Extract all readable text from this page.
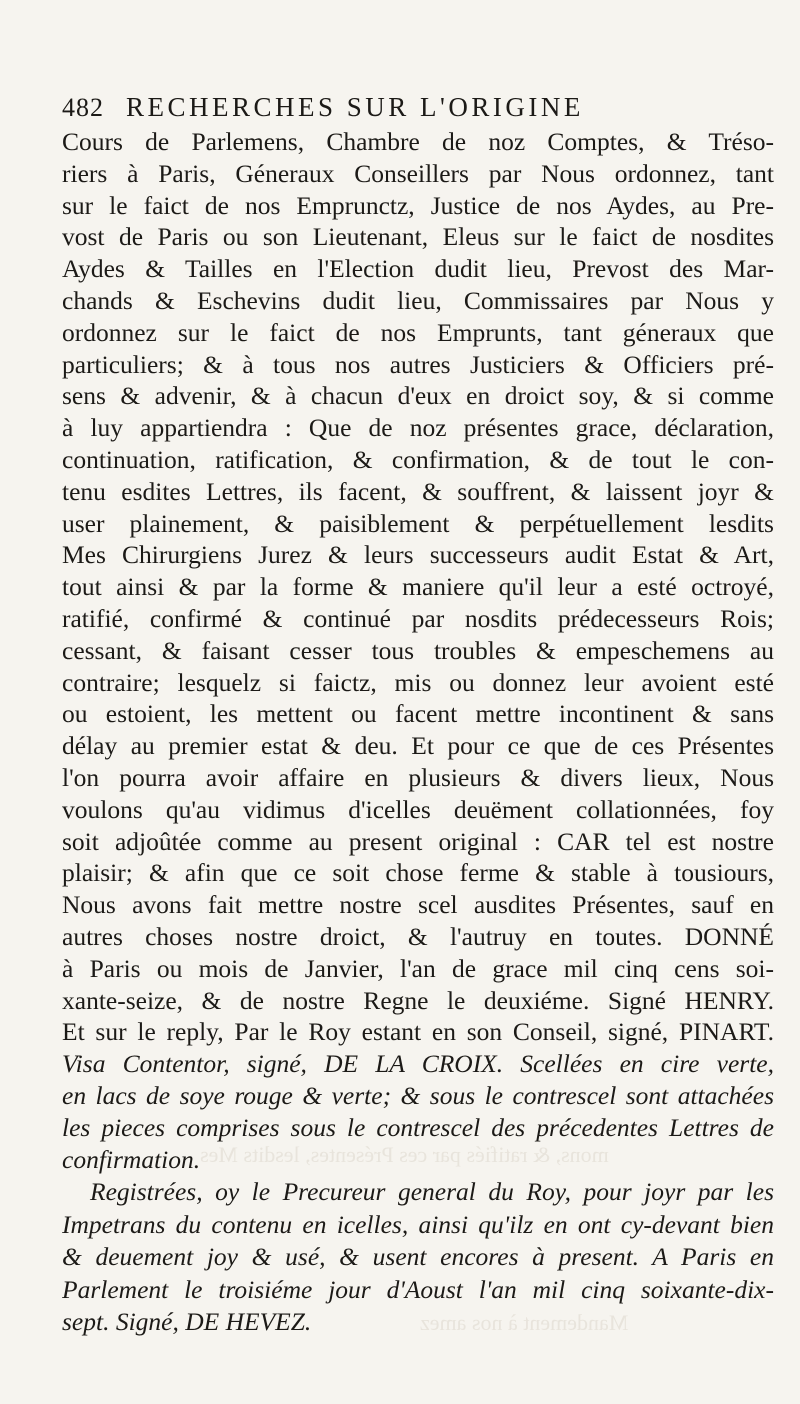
mons, & ratifiés par ces Présentes, lesdits Mes
Mandement à nos amez
482 RECHERCHES SUR L'ORIGINE
Cours de Parlemens, Chambre de noz Comptes, & Tréso-
riers à Paris, Géneraux Conseillers par Nous ordonnez, tant
sur le faict de nos Emprunctz, Justice de nos Aydes, au Pre-
vost de Paris ou son Lieutenant, Eleus sur le faict de nosdites
Aydes & Tailles en l'Election dudit lieu, Prevost des Mar-
chands & Eschevins dudit lieu, Commissaires par Nous y
ordonnez sur le faict de nos Emprunts, tant géneraux que
particuliers; & à tous nos autres Justiciers & Officiers pré-
sens & advenir, & à chacun d'eux en droict soy, & si comme
à luy appartiendra : Que de noz présentes grace, déclaration,
continuation, ratification, & confirmation, & de tout le con-
tenu esdites Lettres, ils facent, & souffrent, & laissent joyr &
user plainement, & paisiblement & perpétuellement lesdits
Mes Chirurgiens Jurez & leurs successeurs audit Estat & Art,
tout ainsi & par la forme & maniere qu'il leur a esté octroyé,
ratifié, confirmé & continué par nosdits prédecesseurs Rois;
cessant, & faisant cesser tous troubles & empeschemens au
contraire; lesquelz si faictz, mis ou donnez leur avoient esté
ou estoient, les mettent ou facent mettre incontinent & sans
délay au premier estat & deu. Et pour ce que de ces Présentes
l'on pourra avoir affaire en plusieurs & divers lieux, Nous
voulons qu'au vidimus d'icelles deuëment collationnées, foy
soit adjoûtée comme au present original : CAR tel est nostre
plaisir; & afin que ce soit chose ferme & stable à tousiours,
Nous avons fait mettre nostre scel ausdites Présentes, sauf en
autres choses nostre droict, & l'autruy en toutes. DONNÉ
à Paris ou mois de Janvier, l'an de grace mil cinq cens soi-
xante-seize, & de nostre Regne le deuxiéme. Signé HENRY.
Et sur le reply, Par le Roy estant en son Conseil, signé, PINART.
Visa Contentor, signé, DE LA CROIX. Scellées en cire verte,
en lacs de soye rouge & verte; & sous le contrescel sont attachées
les pieces comprises sous le contrescel des précedentes Lettres de
confirmation.
Registrées, oy le Precureur general du Roy, pour joyr par les
Impetrans du contenu en icelles, ainsi qu'ilz en ont cy-devant bien
& deuement joy & usé, & usent encores à present. A Paris en
Parlement le troisiéme jour d'Aoust l'an mil cinq soixante-dix-
sept. Signé, DE HEVEZ.
